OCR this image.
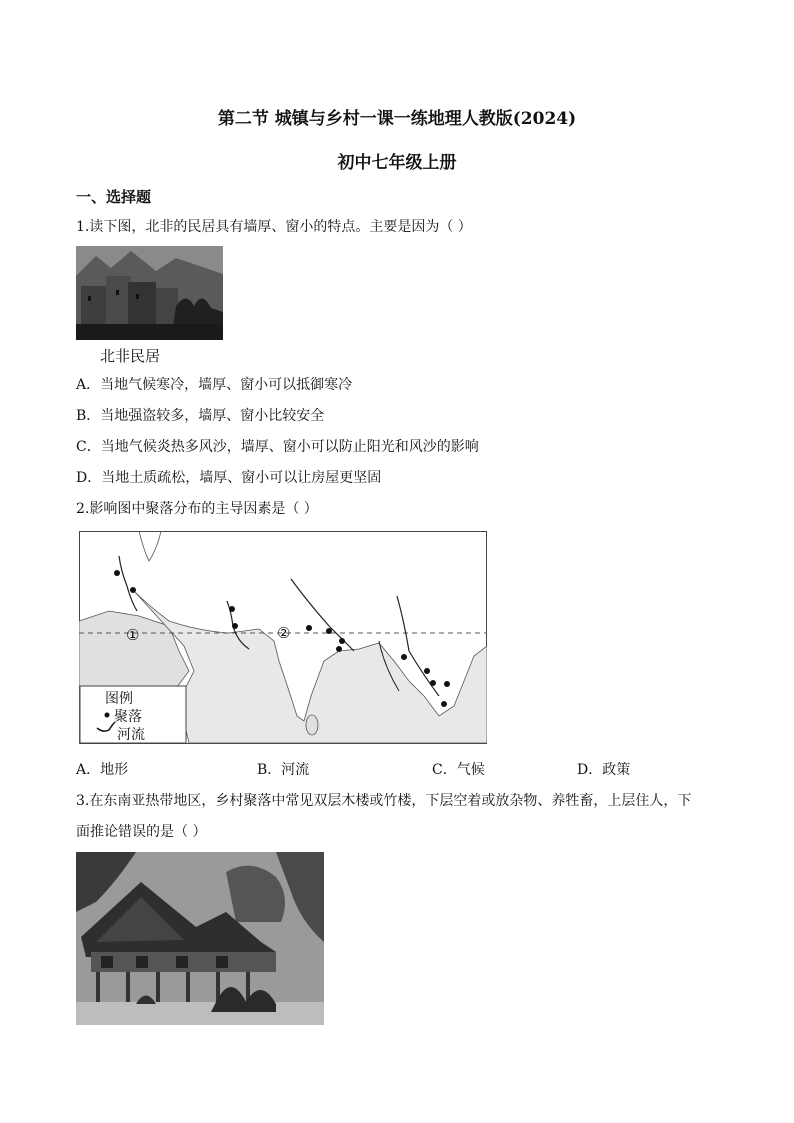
第二节 城镇与乡村一课一练地理人教版(2024)
初中七年级上册
一、选择题
1.读下图，北非的民居具有墙厚、窗小的特点。主要是因为（ ）
北非民居
A．当地气候寒冷，墙厚、窗小可以抵御寒冷
B．当地强盗较多，墙厚、窗小比较安全
C．当地气候炎热多风沙，墙厚、窗小可以防止阳光和风沙的影响
D．当地土质疏松，墙厚、窗小可以让房屋更坚固
2.影响图中聚落分布的主导因素是（ ）
①	②
图例
聚落
河流
A．地形	B．河流	C．气候	D．政策
3.在东南亚热带地区，乡村聚落中常见双层木楼或竹楼，下层空着或放杂物、养牲畜，上层住人，下
面推论错误的是（ ）
